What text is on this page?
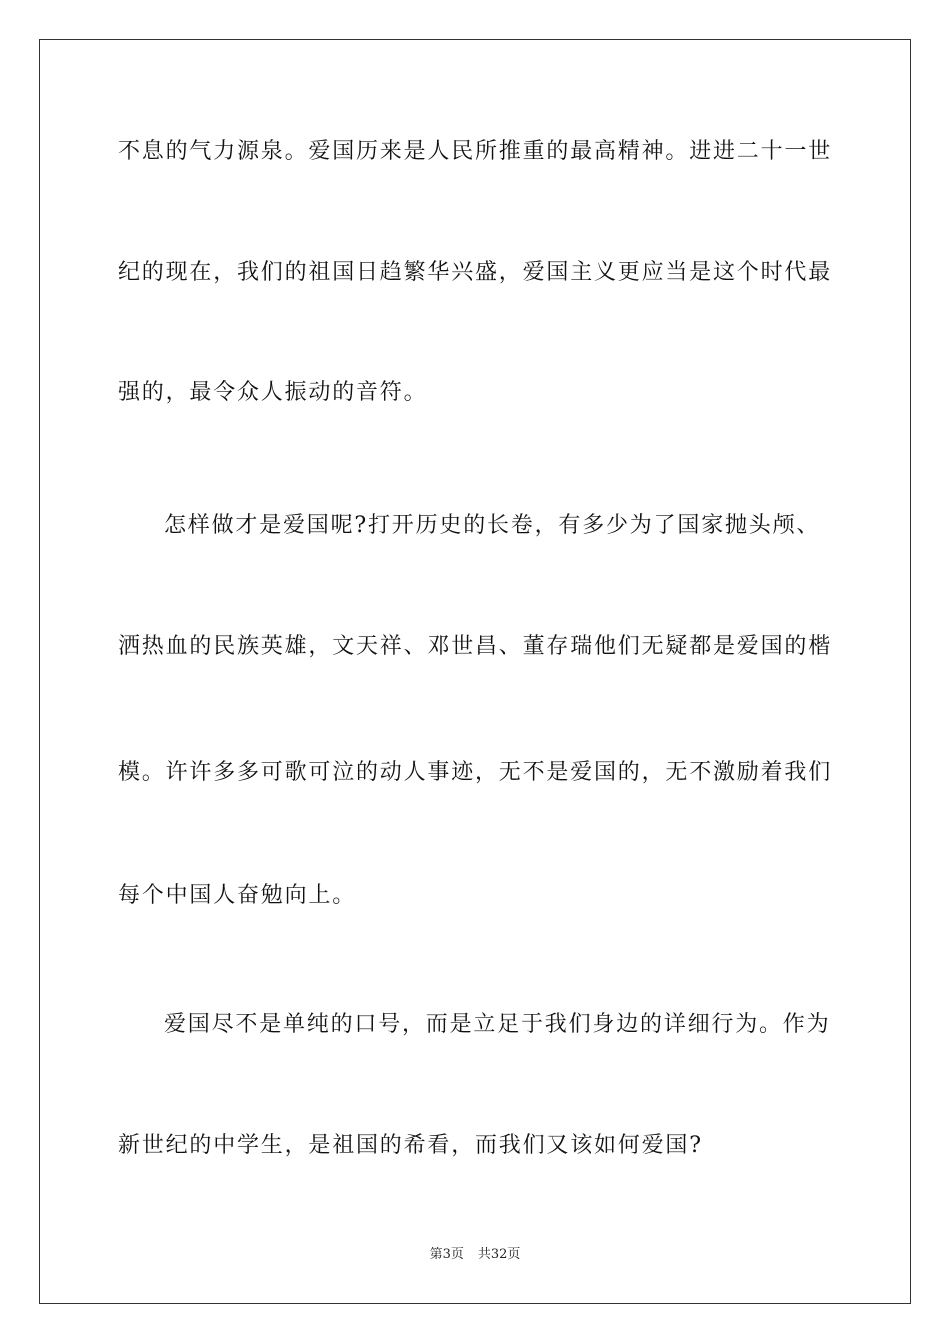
不息的气力源泉。爱国历来是人民所推重的最高精神。进进二十一世
纪的现在，我们的祖国日趋繁华兴盛，爱国主义更应当是这个时代最
强的，最令众人振动的音符。
怎样做才是爱国呢?打开历史的长卷，有多少为了国家抛头颅、
洒热血的民族英雄，文天祥、邓世昌、董存瑞他们无疑都是爱国的楷
模。许许多多可歌可泣的动人事迹，无不是爱国的，无不激励着我们
每个中国人奋勉向上。
爱国尽不是单纯的口号，而是立足于我们身边的详细行为。作为
新世纪的中学生，是祖国的希看，而我们又该如何爱国?
第3页 共32页
